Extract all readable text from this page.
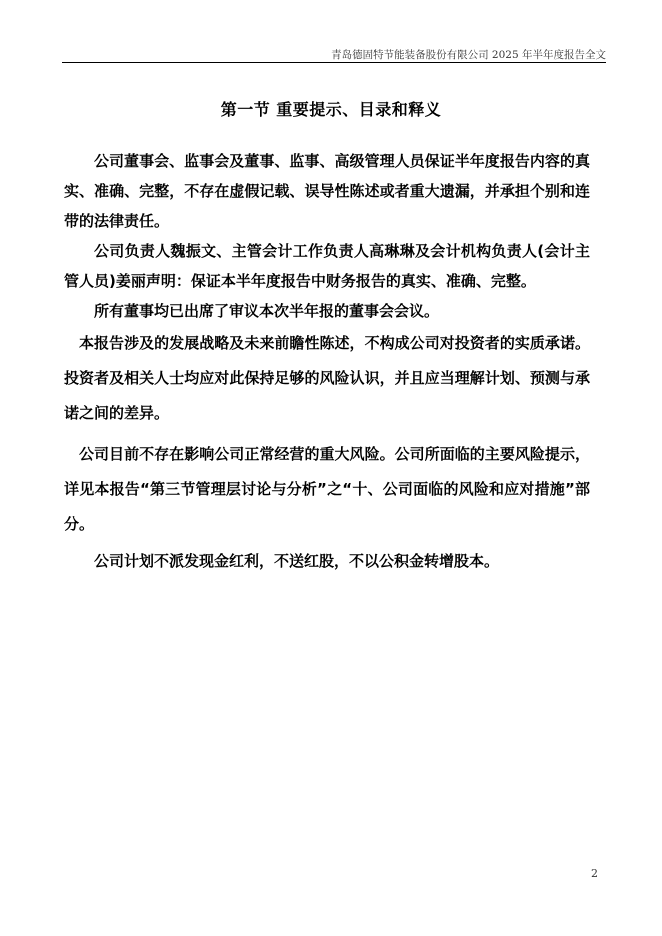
青岛德固特节能装备股份有限公司 2025 年半年度报告全文
第一节 重要提示、目录和释义

公司董事会、监事会及董事、监事、高级管理人员保证半年度报告内容的真实、准确、完整，不存在虚假记载、误导性陈述或者重大遗漏，并承担个别和连带的法律责任。

公司负责人魏振文、主管会计工作负责人高琳琳及会计机构负责人(会计主管人员)姜丽声明：保证本半年度报告中财务报告的真实、准确、完整。

所有董事均已出席了审议本次半年报的董事会会议。

本报告涉及的发展战略及未来前瞻性陈述，不构成公司对投资者的实质承诺。投资者及相关人士均应对此保持足够的风险认识，并且应当理解计划、预测与承诺之间的差异。

公司目前不存在影响公司正常经营的重大风险。公司所面临的主要风险提示，详见本报告“第三节管理层讨论与分析”之“十、公司面临的风险和应对措施”部分。

公司计划不派发现金红利，不送红股，不以公积金转增股本。

2
